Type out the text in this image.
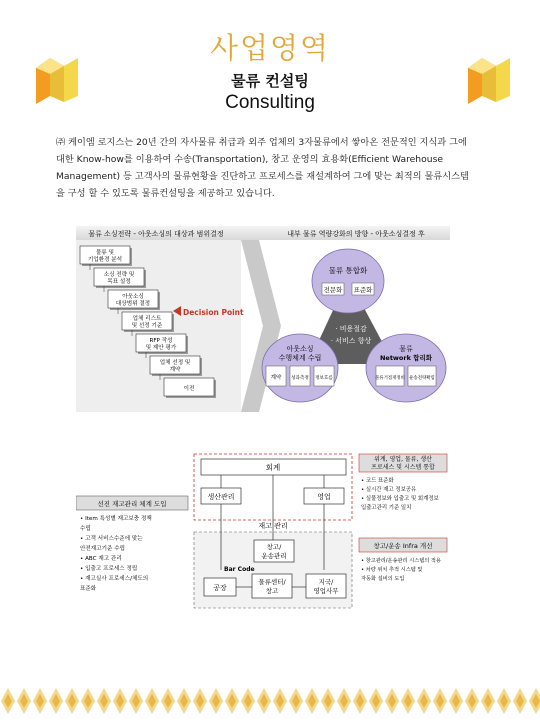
사업영역
물류 컨설팅
Consulting

㈜ 케이엠 로지스는 20년 간의 자사물류 취급과 외주 업체의 3자물류에서 쌓아온 전문적인 지식과 그에 대한 Know-how를 이용하여 수송(Transportation), 창고 운영의 효용화(Efficient Warehouse Management) 등 고객사의 물류현황을 진단하고 프로세스를 재설계하여 그에 맞는 최적의 물류시스템을 구성 할 수 있도록 물류컨설팅을 제공하고 있습니다.

물류 소싱전략 - 아웃소싱의 대상과 범위결정	내부 물류 역량강화의 방향 - 아웃소싱결정 후
물류 및
기업환경 분석
소싱 전략 및
목표 설정
아웃소싱
대상범위 결정
업체 리스트
및 선정 기준
RFP 작성
및 제안 평가
업체 선정 및
계약
이전
Decision Point
· 비용절감
· 서비스 향상
물류 통합화
전문화 표준화
아웃소싱
수행체계 수립
계약 성과측정 정보흐름
물류
Network 합리화
물류거점재정비 운송전략확립
회계
생산관리	영업
재고 관리
창고/
운송관리
Bar Code
공장
물류센터/
창고
지국/
영업사무
위계, 영업, 물류, 생산
프로세스 및 시스템 통합
• 코드 표준화
• 실시간 재고 정보공유
• 실물정보와 입출고 및 회계정보
입출고관리 기준 일치
선진 재고관리 체계 도입
• Item 특성별 재고보충 정책
수립
• 고객 서비스수준에 맞는
안전재고기준 수립
• ABC 재고 관리
• 입출고 프로세스 정립
• 재고실사 프로세스/체도의
표준화
창고/운송 Infra 개선
• 창고관리/운송관리 시스템의 적용
• 차량 위치 추적 시스템 및
자동화 설비의 도입
